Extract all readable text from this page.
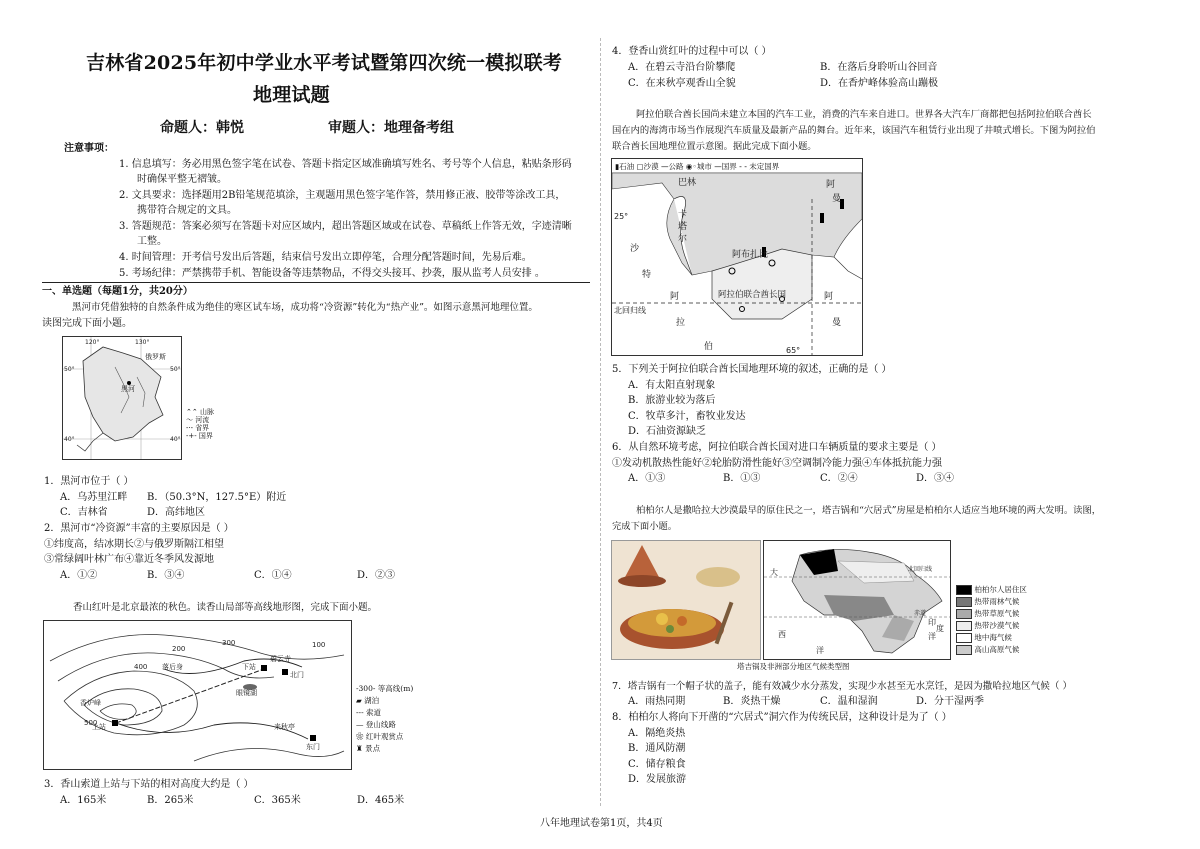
吉林省2025年初中学业水平考试暨第四次统一模拟联考
地理试题
命题人：韩悦	审题人：地理备考组
注意事项：
1. 信息填写：务必用黑色签字笔在试卷、答题卡指定区域准确填写姓名、考号等个人信息，粘贴条形码
时确保平整无褶皱。
2. 文具要求：选择题用2B铅笔规范填涂，主观题用黑色签字笔作答，禁用修正液、胶带等涂改工具，
携带符合规定的文具。
3. 答题规范：答案必须写在答题卡对应区域内，超出答题区域或在试卷、草稿纸上作答无效，字迹清晰
工整。
4. 时间管理：开考信号发出后答题，结束信号发出立即停笔，合理分配答题时间，先易后难。
5. 考场纪律：严禁携带手机、智能设备等违禁物品，不得交头接耳、抄袭，服从监考人员安排 。
一、单选题（每题1分，共20分）
黑河市凭借独特的自然条件成为绝佳的寒区试车场，成功将“冷资源”转化为“热产业”。如图示意黑河地理位置。
读图完成下面小题。
120°	130°
50°	50°
40°	40°
俄罗斯
黑河
⌃⌃ 山脉
～ 河流
-·- 省界
-+- 国界
1．黑河市位于（ ）
A．乌苏里江畔 B．（50.3°N，127.5°E）附近
C．吉林省	D．高纬地区
2．黑河市“冷资源”丰富的主要原因是（ ）
①纬度高，结冰期长②与俄罗斯隔江相望
③常绿阔叶林广布④靠近冬季风发源地
A．①②	B．③④	C．①④	D．②③
香山红叶是北京最浓的秋色。读香山局部等高线地形图，完成下面小题。
300
200	100
400
500
落后身
碧云寺
北门
下站
眼镜湖
香炉峰
上站	来秋亭
东门
-300- 等高线(m)
▰ 湖泊
--- 索道
— 登山线路
❀ 红叶观赏点
♜ 景点
3．香山索道上站与下站的相对高度大约是（ ）
A．165米	B．265米	C．365米	D．465米
4．登香山赏红叶的过程中可以（ ）
A．在碧云寺沿台阶攀爬	B．在落后身聆听山谷回音
C．在来秋亭观香山全貌	D．在香炉峰体验高山蹦极
阿拉伯联合酋长国尚未建立本国的汽车工业，消费的汽车来自进口。世界各大汽车厂商都把包括阿拉伯联合酋长
国在内的海湾市场当作展现汽车质量及最新产品的舞台。近年来，该国汽车租赁行业出现了井喷式增长。下图为阿拉伯
联合酋长国地理位置示意图。据此完成下面小题。
▮石油 ▢沙漠 —公路 ◉◦城市 —国界 - - 未定国界
巴林
卡
塔
尔
阿
曼
沙
特
阿布扎比
阿拉伯联合酋长国	阿
曼
阿
拉
伯
25°
北回归线
65°
5．下列关于阿拉伯联合酋长国地理环境的叙述，正确的是（ ）
A．有太阳直射现象
B．旅游业较为落后
C．牧草多汁，畜牧业发达
D．石油资源缺乏
6．从自然环境考虑，阿拉伯联合酋长国对进口车辆质量的要求主要是（ ）
①发动机散热性能好②轮胎防滑性能好③空调制冷能力强④车体抵抗能力强
A．①③	B．①③	C．②④	D．③④
柏柏尔人是撒哈拉大沙漠最早的原住民之一，塔吉锅和“穴居式”房屋是柏柏尔人适应当地环境的两大发明。读图，
完成下面小题。
大
西
洋
洋
北回归线
赤道
印
度
塔吉锅及非洲部分地区气候类型图
柏柏尔人居住区
热带雨林气候
热带草原气候
热带沙漠气候
地中海气候
高山高原气候
7．塔吉锅有一个帽子状的盖子，能有效减少水分蒸发，实现少水甚至无水烹饪，是因为撒哈拉地区气候（ ）
A．雨热同期	B．炎热干燥	C．温和湿润	D．分干湿两季
8．柏柏尔人将向下开凿的“穴居式”洞穴作为传统民居，这种设计是为了（ ）
A．隔绝炎热
B．通风防潮
C．储存粮食
D．发展旅游
八年地理试卷第1页，共4页
